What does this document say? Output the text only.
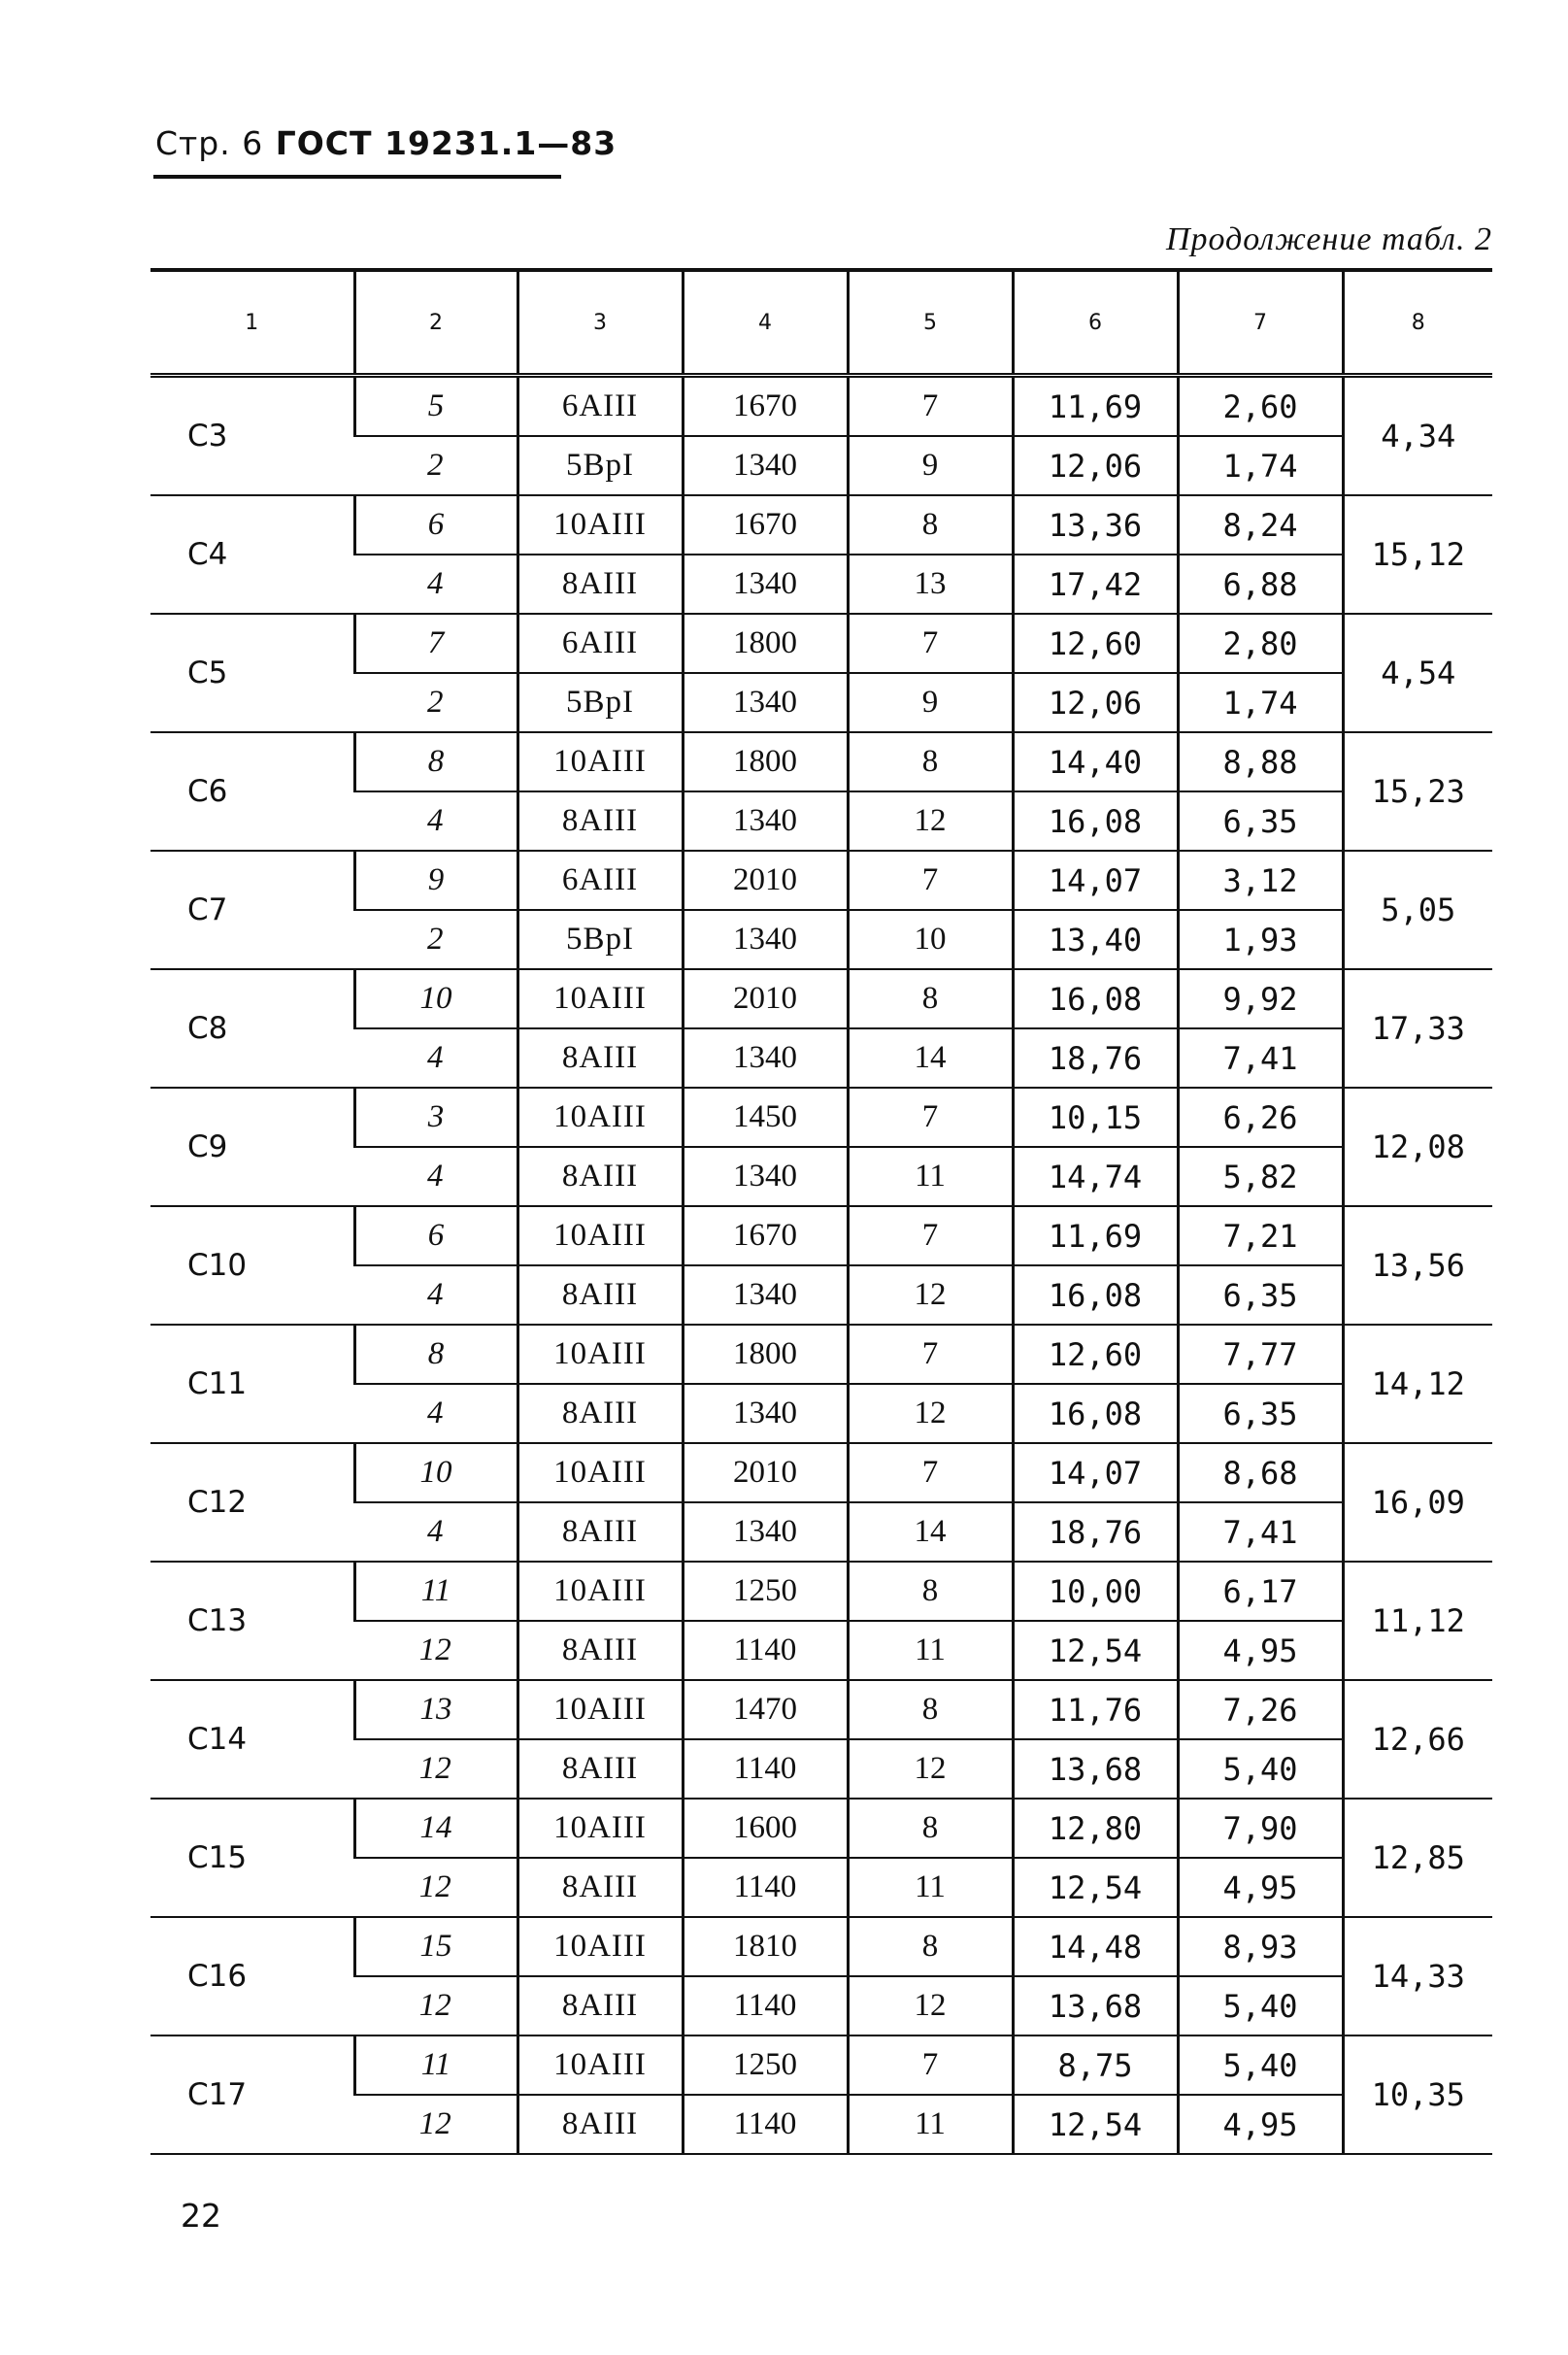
Стр. 6 ГОСТ 19231.1—83
Продолжение табл. 2
1	2	3	4	5	6	7	8
С3	5	6AIII	1670	7	11,69	2,60	4,34
	2	5BpI	1340	9	12,06	1,74	
С4	6	10AIII	1670	8	13,36	8,24	15,12
	4	8AIII	1340	13	17,42	6,88	
С5	7	6AIII	1800	7	12,60	2,80	4,54
	2	5BpI	1340	9	12,06	1,74	
С6	8	10AIII	1800	8	14,40	8,88	15,23
	4	8AIII	1340	12	16,08	6,35	
С7	9	6AIII	2010	7	14,07	3,12	5,05
	2	5BpI	1340	10	13,40	1,93	
С8	10	10AIII	2010	8	16,08	9,92	17,33
	4	8AIII	1340	14	18,76	7,41	
С9	3	10AIII	1450	7	10,15	6,26	12,08
	4	8AIII	1340	11	14,74	5,82	
С10	6	10AIII	1670	7	11,69	7,21	13,56
	4	8AIII	1340	12	16,08	6,35	
С11	8	10AIII	1800	7	12,60	7,77	14,12
	4	8AIII	1340	12	16,08	6,35	
С12	10	10AIII	2010	7	14,07	8,68	16,09
	4	8AIII	1340	14	18,76	7,41	
С13	11	10AIII	1250	8	10,00	6,17	11,12
	12	8AIII	1140	11	12,54	4,95	
С14	13	10AIII	1470	8	11,76	7,26	12,66
	12	8AIII	1140	12	13,68	5,40	
С15	14	10AIII	1600	8	12,80	7,90	12,85
	12	8AIII	1140	11	12,54	4,95	
С16	15	10AIII	1810	8	14,48	8,93	14,33
	12	8AIII	1140	12	13,68	5,40	
С17	11	10AIII	1250	7	8,75	5,40	10,35
	12	8AIII	1140	11	12,54	4,95	
22
